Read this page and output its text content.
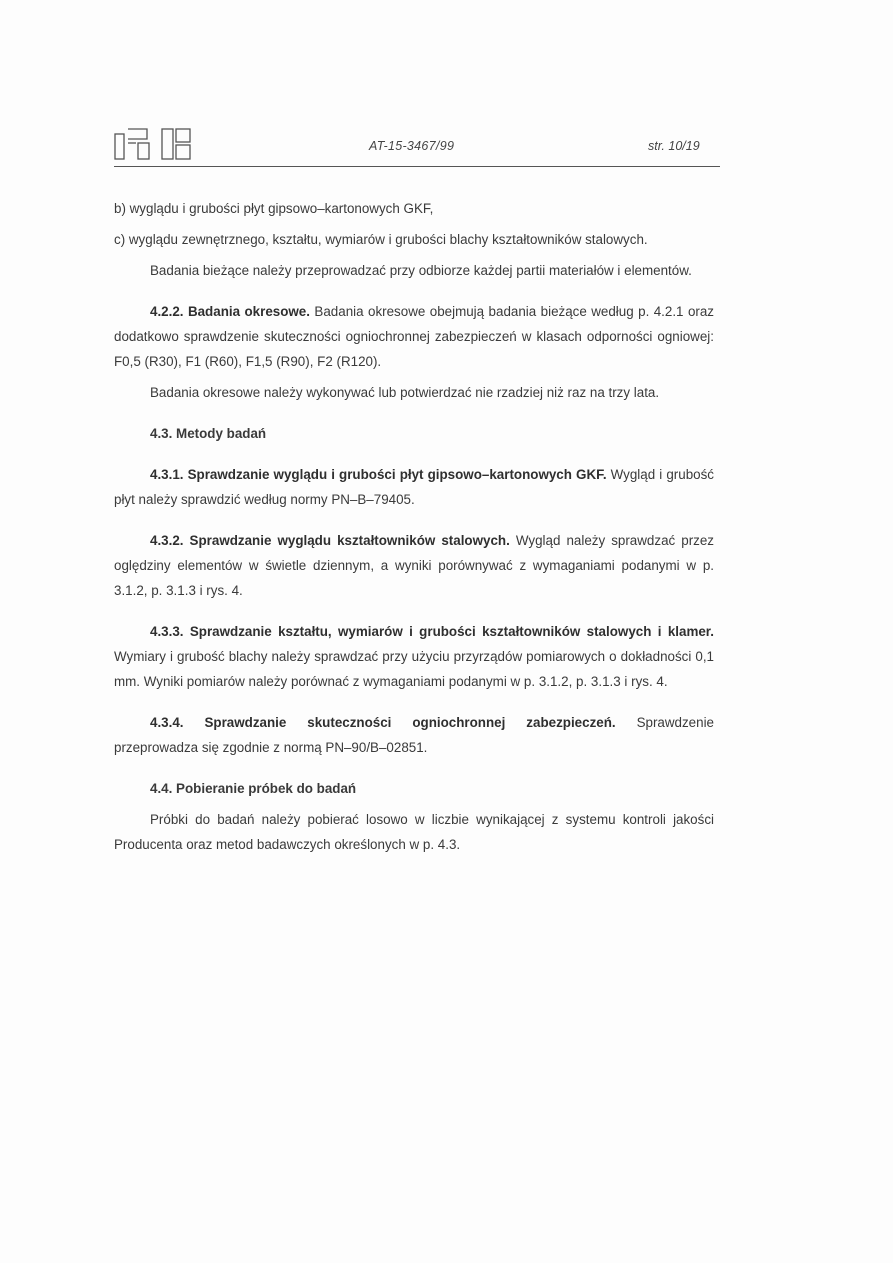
AT-15-3467/99	str. 10/19

b) wyglądu i grubości płyt gipsowo–kartonowych GKF,

c) wyglądu zewnętrznego, kształtu, wymiarów i grubości blachy kształtowników stalowych.

Badania bieżące należy przeprowadzać przy odbiorze każdej partii materiałów i elementów.

4.2.2. Badania okresowe. Badania okresowe obejmują badania bieżące według p. 4.2.1 oraz dodatkowo sprawdzenie skuteczności ogniochronnej zabezpieczeń w klasach odporności ogniowej: F0,5 (R30), F1 (R60), F1,5 (R90), F2 (R120).

Badania okresowe należy wykonywać lub potwierdzać nie rzadziej niż raz na trzy lata.

4.3. Metody badań

4.3.1. Sprawdzanie wyglądu i grubości płyt gipsowo–kartonowych GKF. Wygląd i grubość płyt należy sprawdzić według normy PN–B–79405.

4.3.2. Sprawdzanie wyglądu kształtowników stalowych. Wygląd należy sprawdzać przez oględziny elementów w świetle dziennym, a wyniki porównywać z wymaganiami podanymi w p. 3.1.2, p. 3.1.3 i rys. 4.

4.3.3. Sprawdzanie kształtu, wymiarów i grubości kształtowników stalowych i klamer. Wymiary i grubość blachy należy sprawdzać przy użyciu przyrządów pomiarowych o dokładności 0,1 mm. Wyniki pomiarów należy porównać z wymaganiami podanymi w p. 3.1.2, p. 3.1.3 i rys. 4.

4.3.4. Sprawdzanie skuteczności ogniochronnej zabezpieczeń. Sprawdzenie przeprowadza się zgodnie z normą PN–90/B–02851.

4.4. Pobieranie próbek do badań

Próbki do badań należy pobierać losowo w liczbie wynikającej z systemu kontroli jakości Producenta oraz metod badawczych określonych w p. 4.3.
